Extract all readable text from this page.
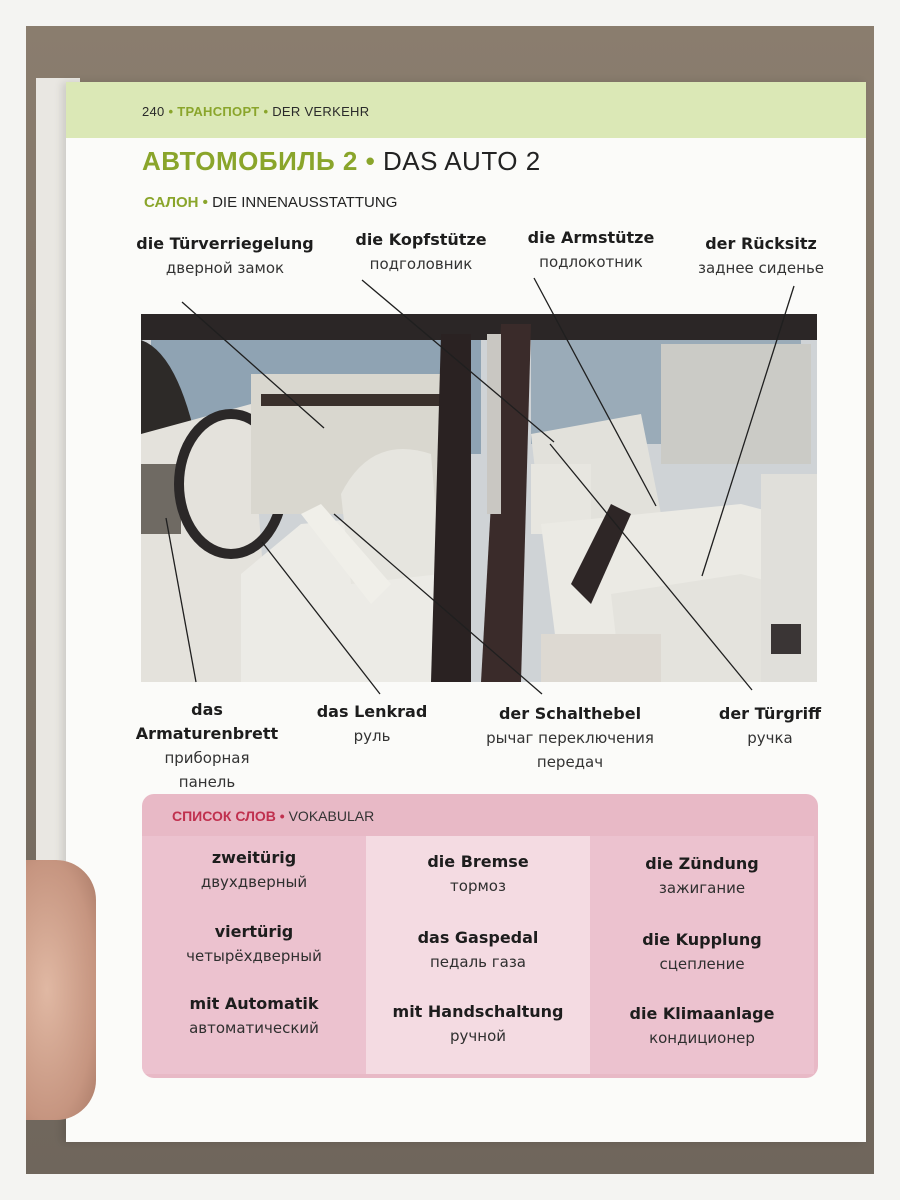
240 • ТРАНСПОРТ • DER VERKEHR
АВТОМОБИЛЬ 2 • DAS AUTO 2
САЛОН • DIE INNENAUSSTATTUNG
die Türverriegelung
дверной замок
die Kopfstütze
подголовник
die Armstütze
подлокотник
der Rücksitz
заднее сиденье
das Armaturenbrett
приборная
панель
das Lenkrad
руль
der Schalthebel
рычаг переключения
передач
der Türgriff
ручка
СПИСОК СЛОВ • VOKABULAR
zweitürig
двухдверный
viertürig
четырёхдверный
mit Automatik
автоматический
die Bremse
тормоз
das Gaspedal
педаль газа
mit Handschaltung
ручной
die Zündung
зажигание
die Kupplung
сцепление
die Klimaanlage
кондиционер
